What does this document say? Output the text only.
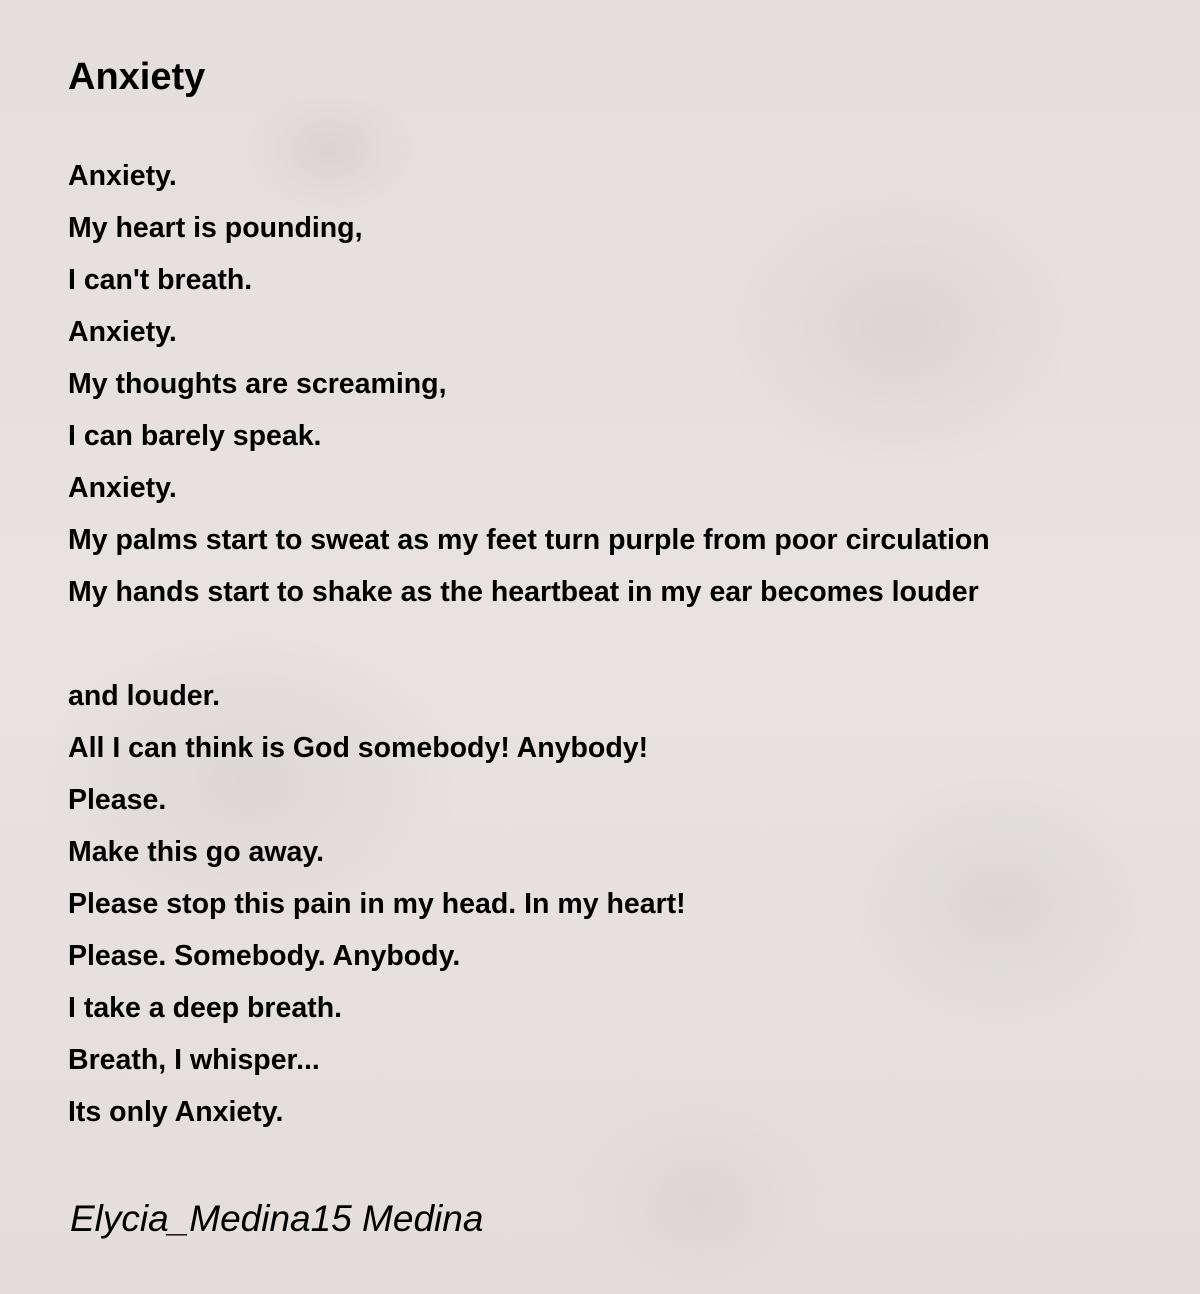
Anxiety
Anxiety.
My heart is pounding,
I can't breath.
Anxiety.
My thoughts are screaming,
I can barely speak.
Anxiety.
My palms start to sweat as my feet turn purple from poor circulation
My hands start to shake as the heartbeat in my ear becomes louder
and louder.
All I can think is God somebody! Anybody!
Please.
Make this go away.
Please stop this pain in my head. In my heart!
Please. Somebody. Anybody.
I take a deep breath.
Breath, I whisper...
Its only Anxiety.
Elycia_Medina15 Medina
